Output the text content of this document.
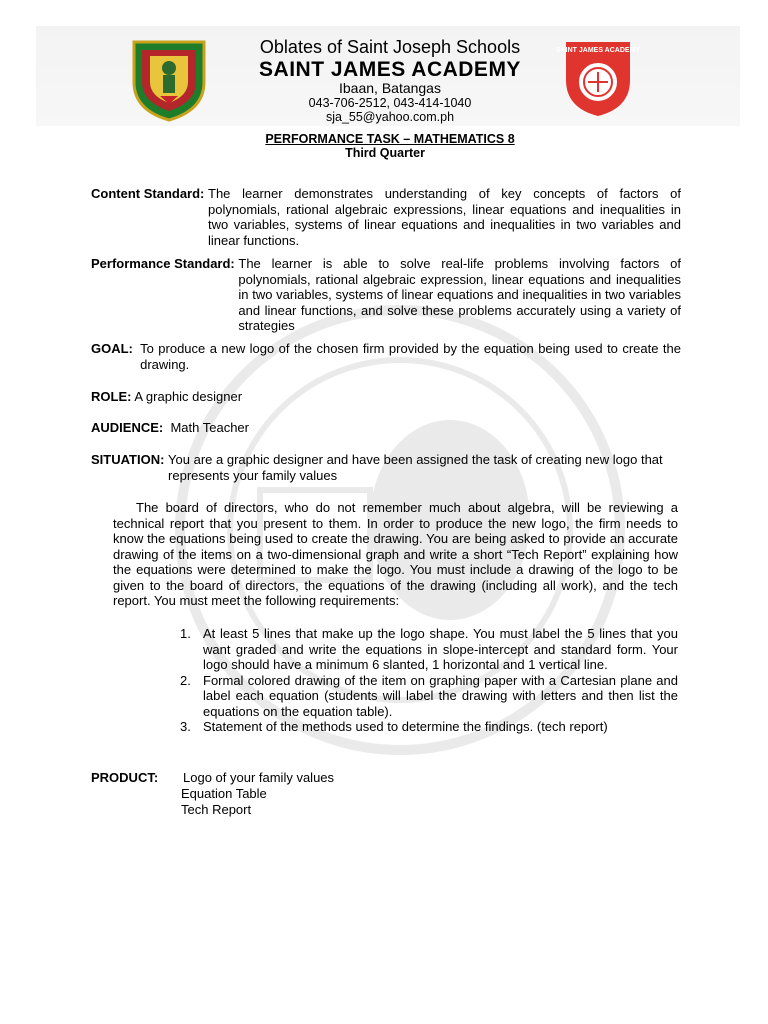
SAINT JAMES ACADEMY
Oblates of Saint Joseph Schools
SAINT JAMES ACADEMY
Ibaan, Batangas
043-706-2512, 043-414-1040
sja_55@yahoo.com.ph
PERFORMANCE TASK – MATHEMATICS 8
Third Quarter
Content Standard:
The learner demonstrates understanding of key concepts of factors of polynomials, rational algebraic expressions, linear equations and inequalities in two variables, systems of linear equations and inequalities in two variables and linear functions.
Performance Standard:
The learner is able to solve real-life problems involving factors of polynomials, rational algebraic expression, linear equations and inequalities in two variables, systems of linear equations and inequalities in two variables and linear functions, and solve these problems accurately using a variety of strategies
GOAL:
To produce a new logo of the chosen firm provided by the equation being used to create the drawing.
ROLE: A graphic designer
AUDIENCE: Math Teacher
SITUATION:
You are a graphic designer and have been assigned the task of creating new logo that represents your family values
The board of directors, who do not remember much about algebra, will be reviewing a technical report that you present to them. In order to produce the new logo, the firm needs to know the equations being used to create the drawing. You are being asked to provide an accurate drawing of the items on a two-dimensional graph and write a short “Tech Report” explaining how the equations were determined to make the logo. You must include a drawing of the logo to be given to the board of directors, the equations of the drawing (including all work), and the tech report. You must meet the following requirements:
1. At least 5 lines that make up the logo shape. You must label the 5 lines that you want graded and write the equations in slope-intercept and standard form. Your logo should have a minimum 6 slanted, 1 horizontal and 1 vertical line.
2. Formal colored drawing of the item on graphing paper with a Cartesian plane and label each equation (students will label the drawing with letters and then list the equations on the equation table).
3. Statement of the methods used to determine the findings. (tech report)
PRODUCT: Logo of your family values
Equation Table
Tech Report
